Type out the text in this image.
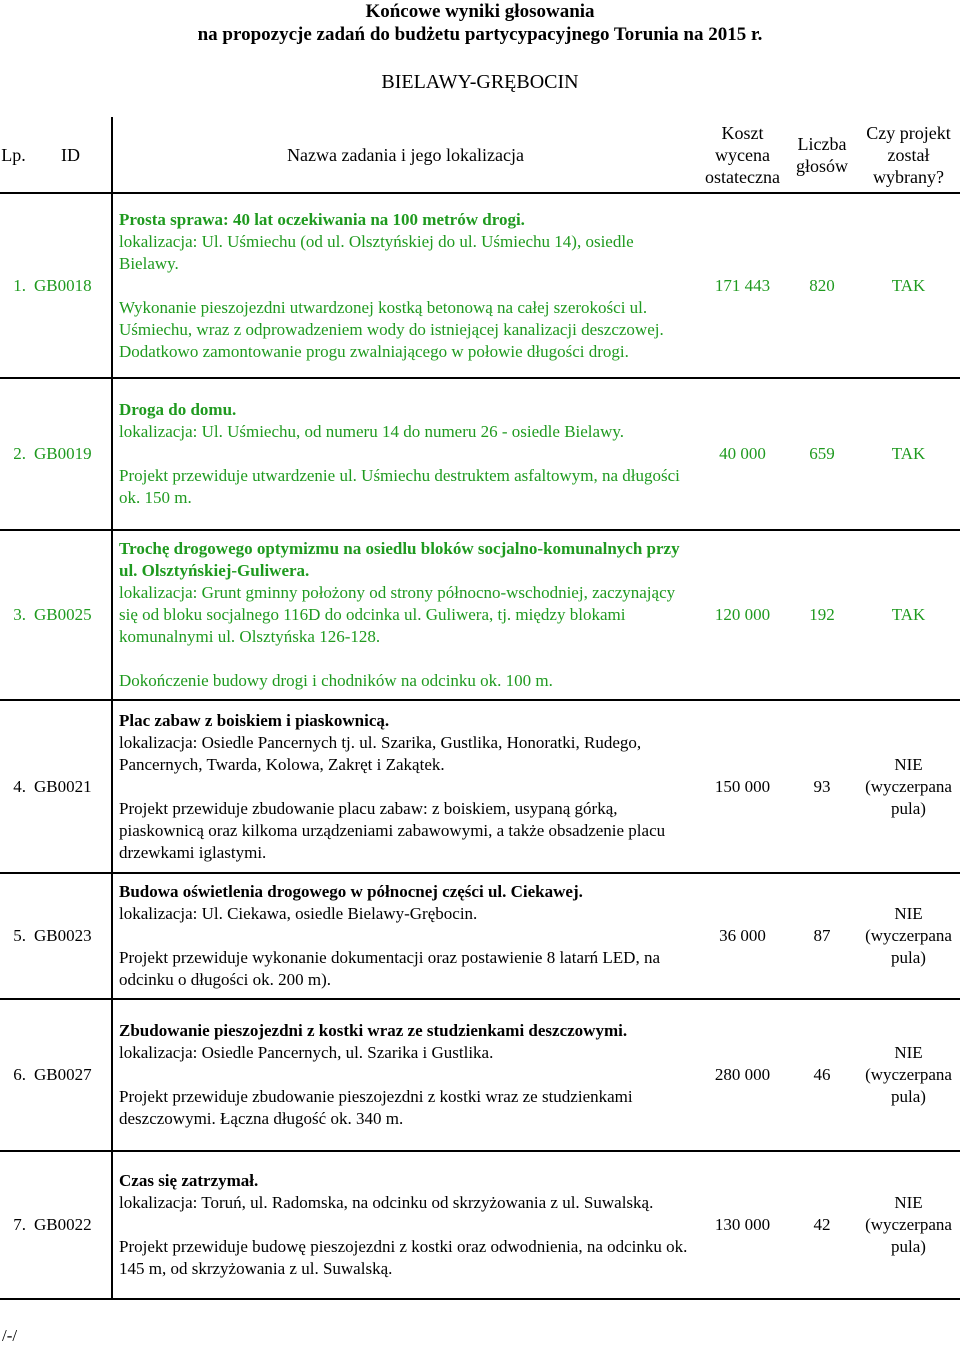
Końcowe wyniki głosowania
na propozycje zadań do budżetu partycypacyjnego Torunia na 2015 r.
BIELAWY-GRĘBOCIN
Lp.	ID	Nazwa zadania i jego lokalizacja	Koszt wycena ostateczna	Liczba głosów	Czy projekt został wybrany?
1.	GB0018	Prosta sprawa: 40 lat oczekiwania na 100 metrów drogi.

lokalizacja: Ul. Uśmiechu (od ul. Olsztyńskiej do ul. Uśmiechu 14), osiedle Bielawy.

Wykonanie pieszojezdni utwardzonej kostką betonową na całej szerokości ul. Uśmiechu, wraz z odprowadzeniem wody do istniejącej kanalizacji deszczowej. Dodatkowo zamontowanie progu zwalniającego w połowie długości drogi.	171 443	820	TAK
2.	GB0019	Droga do domu.

lokalizacja: Ul. Uśmiechu, od numeru 14 do numeru 26 - osiedle Bielawy.

Projekt przewiduje utwardzenie ul. Uśmiechu destruktem asfaltowym, na długości ok. 150 m.	40 000	659	TAK
3.	GB0025	Trochę drogowego optymizmu na osiedlu bloków socjalno-komunalnych przy ul. Olsztyńskiej-Guliwera.

lokalizacja: Grunt gminny położony od strony północno-wschodniej, zaczynający się od bloku socjalnego 116D do odcinka ul. Guliwera, tj. między blokami komunalnymi ul. Olsztyńska 126-128.

Dokończenie budowy drogi i chodników na odcinku ok. 100 m.	120 000	192	TAK
4.	GB0021	Plac zabaw z boiskiem i piaskownicą.

lokalizacja: Osiedle Pancernych tj. ul. Szarika, Gustlika, Honoratki, Rudego, Pancernych, Twarda, Kolowa, Zakręt i Zakątek.

Projekt przewiduje zbudowanie placu zabaw: z boiskiem, usypaną górką, piaskownicą oraz kilkoma urządzeniami zabawowymi, a także obsadzenie placu drzewkami iglastymi.	150 000	93	NIE (wyczerpana pula)
5.	GB0023	Budowa oświetlenia drogowego w północnej części ul. Ciekawej.

lokalizacja: Ul. Ciekawa, osiedle Bielawy-Grębocin.

Projekt przewiduje wykonanie dokumentacji oraz postawienie 8 latarń LED, na odcinku o długości ok. 200 m).	36 000	87	NIE (wyczerpana pula)
6.	GB0027	Zbudowanie pieszojezdni z kostki wraz ze studzienkami deszczowymi.

lokalizacja: Osiedle Pancernych, ul. Szarika i Gustlika.

Projekt przewiduje zbudowanie pieszojezdni z kostki wraz ze studzienkami deszczowymi. Łączna długość ok. 340 m.	280 000	46	NIE (wyczerpana pula)
7.	GB0022	Czas się zatrzymał.

lokalizacja: Toruń, ul. Radomska, na odcinku od skrzyżowania z ul. Suwalską.

Projekt przewiduje budowę pieszojezdni z kostki oraz odwodnienia, na odcinku ok. 145 m, od skrzyżowania z ul. Suwalską.	130 000	42	NIE (wyczerpana pula)
/-/
